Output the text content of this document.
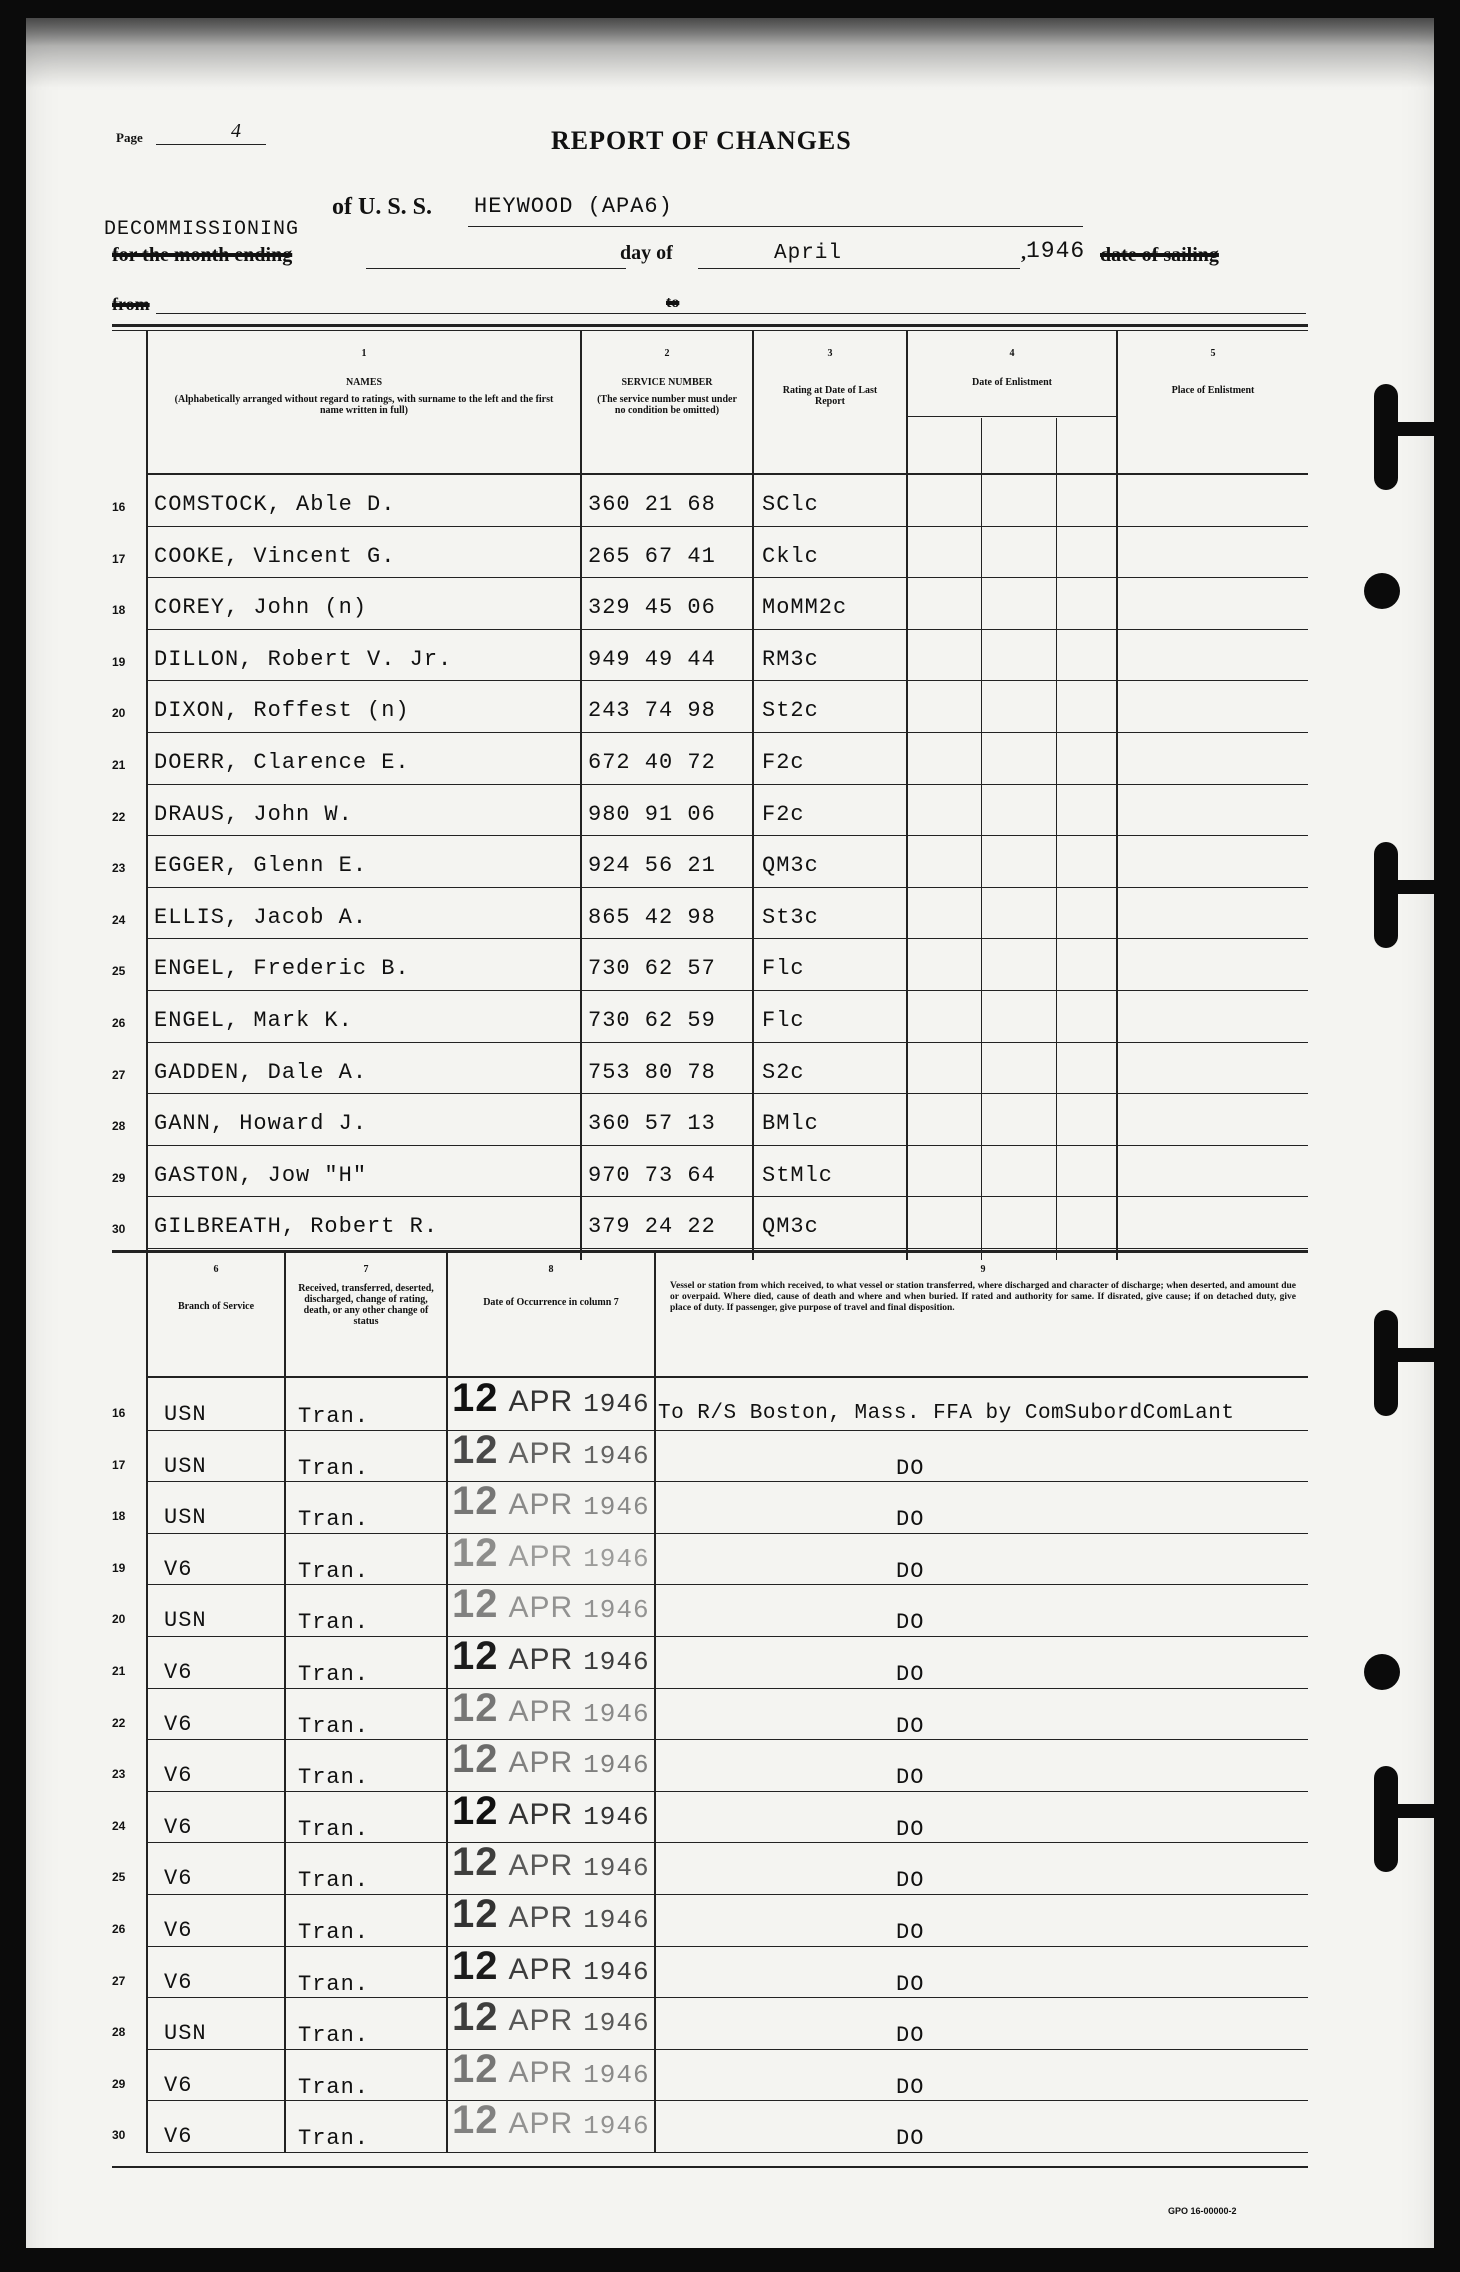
Page	4	REPORT OF CHANGES
of U. S. S. HEYWOOD (APA6)
DECOMMISSIONING
for the month ending	day of	April	, 1946 date of sailing
from	to
1
NAMES
(Alphabetically arranged without regard to ratings, with surname to the left and the first name written in full)
2
SERVICE NUMBER
(The service number must under no condition be omitted)
3
Rating at Date of Last Report
4
Date of Enlistment
5
Place of Enlistment
16 COMSTOCK, Able D.	360 21 68 SClc
17 COOKE, Vincent G.	265 67 41 Cklc
18 COREY, John (n)	329 45 06 MoMM2c
19 DILLON, Robert V. Jr.	949 49 44 RM3c
20 DIXON, Roffest (n)	243 74 98 St2c
21 DOERR, Clarence E.	672 40 72 F2c
22 DRAUS, John W.	980 91 06 F2c
23 EGGER, Glenn E.	924 56 21 QM3c
24 ELLIS, Jacob A.	865 42 98 St3c
25 ENGEL, Frederic B.	730 62 57 Flc
26 ENGEL, Mark K.	730 62 59 Flc
27 GADDEN, Dale A.	753 80 78 S2c
28 GANN, Howard J.	360 57 13 BMlc
29 GASTON, Jow "H"	970 73 64 StMlc
30 GILBREATH, Robert R.	379 24 22 QM3c
6
Branch of Service
7
Received, transferred, deserted, discharged, change of rating, death, or any other change of status
8
Date of Occurrence in column 7
9
Vessel or station from which received, to what vessel or station transferred, where discharged and character of discharge; when deserted, and amount due or overpaid. Where died, cause of death and where and when buried. If rated and authority for same. If disrated, give cause; if on detached duty, give place of duty. If passenger, give purpose of travel and final disposition.
16 USN	Tran. 12 APR 1946 To R/S Boston, Mass. FFA by ComSubordComLant
17 USN	Tran. 12 APR 1946	DO
18 USN	Tran. 12 APR 1946	DO
19 V6	Tran. 12 APR 1946	DO
20 USN	Tran. 12 APR 1946	DO
21 V6	Tran. 12 APR 1946	DO
22 V6	Tran. 12 APR 1946	DO
23 V6	Tran. 12 APR 1946	DO
24 V6	Tran. 12 APR 1946	DO
25 V6	Tran. 12 APR 1946	DO
26 V6	Tran. 12 APR 1946	DO
27 V6	Tran. 12 APR 1946	DO
28 USN	Tran. 12 APR 1946	DO
29 V6	Tran. 12 APR 1946	DO
30 V6	Tran. 12 APR 1946	DO
GPO 16-00000-2
